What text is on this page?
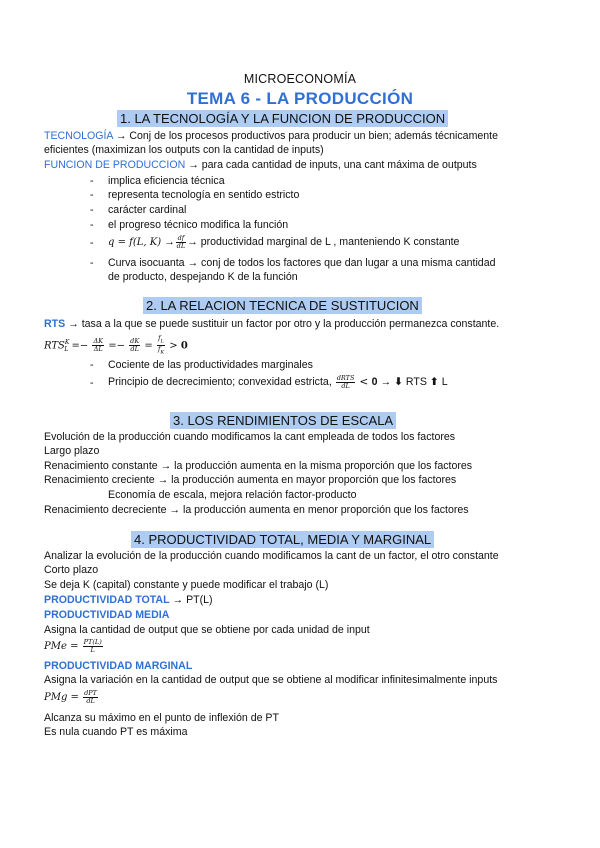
MICROECONOMÍA
TEMA 6 - LA PRODUCCIÓN
1. LA TECNOLOGÍA Y LA FUNCION DE PRODUCCION
TECNOLOGÍA → Conj de los procesos productivos para producir un bien; además técnicamente
eficientes (maximizan los outputs con la cantidad de inputs)
FUNCION DE PRODUCCION → para cada cantidad de inputs, una cant máxima de outputs
- implica eficiencia técnica
- representa tecnología en sentido estricto
- carácter cardinal
- el progreso técnico modifica la función
- q = f(L, $K) \to \frac{df}{dL}$ → productividad marginal de L , manteniendo K constante
- Curva isocuanta → conj de todos los factores que dan lugar a una misma cantidad
de producto, despejando K de la función
2. LA RELACION TECNICA DE SUSTITUCION
RTS → tasa a la que se puede sustituir un factor por otro y la producción permanezca constante.
$RTS^K_L =- \frac{\Delta K}{\Delta L} =- \frac{dK}{dL} = \frac{f_L}{f_K} > 0$
- Cociente de las productividades marginales
- Principio de decrecimiento; convexidad estricta, $\frac{\text{dRTS}}{dL} < 0$ → ⬇ RTS ⬆ L
3. LOS RENDIMIENTOS DE ESCALA
Evolución de la producción cuando modificamos la cant empleada de todos los factores
Largo plazo
Renacimiento constante → la producción aumenta en la misma proporción que los factores
Renacimiento creciente → la producción aumenta en mayor proporción que los factores
Economía de escala, mejora relación factor-producto
Renacimiento decreciente → la producción aumenta en menor proporción que los factores
4. PRODUCTIVIDAD TOTAL, MEDIA Y MARGINAL
Analizar la evolución de la producción cuando modificamos la cant de un factor, el otro constante
Corto plazo
Se deja K (capital) constante y puede modificar el trabajo (L)
PRODUCTIVIDAD TOTAL → PT(L)
PRODUCTIVIDAD MEDIA
Asigna la cantidad de output que se obtiene por cada unidad de input
PMe = $\frac{PT(L)}{L}$
PRODUCTIVIDAD MARGINAL
Asigna la variación en la cantidad de output que se obtiene al modificar infinitesimalmente inputs
PMg = $\frac{\text{dPT}}{dL}$
Alcanza su máximo en el punto de inflexión de PT
Es nula cuando PT es máxima
